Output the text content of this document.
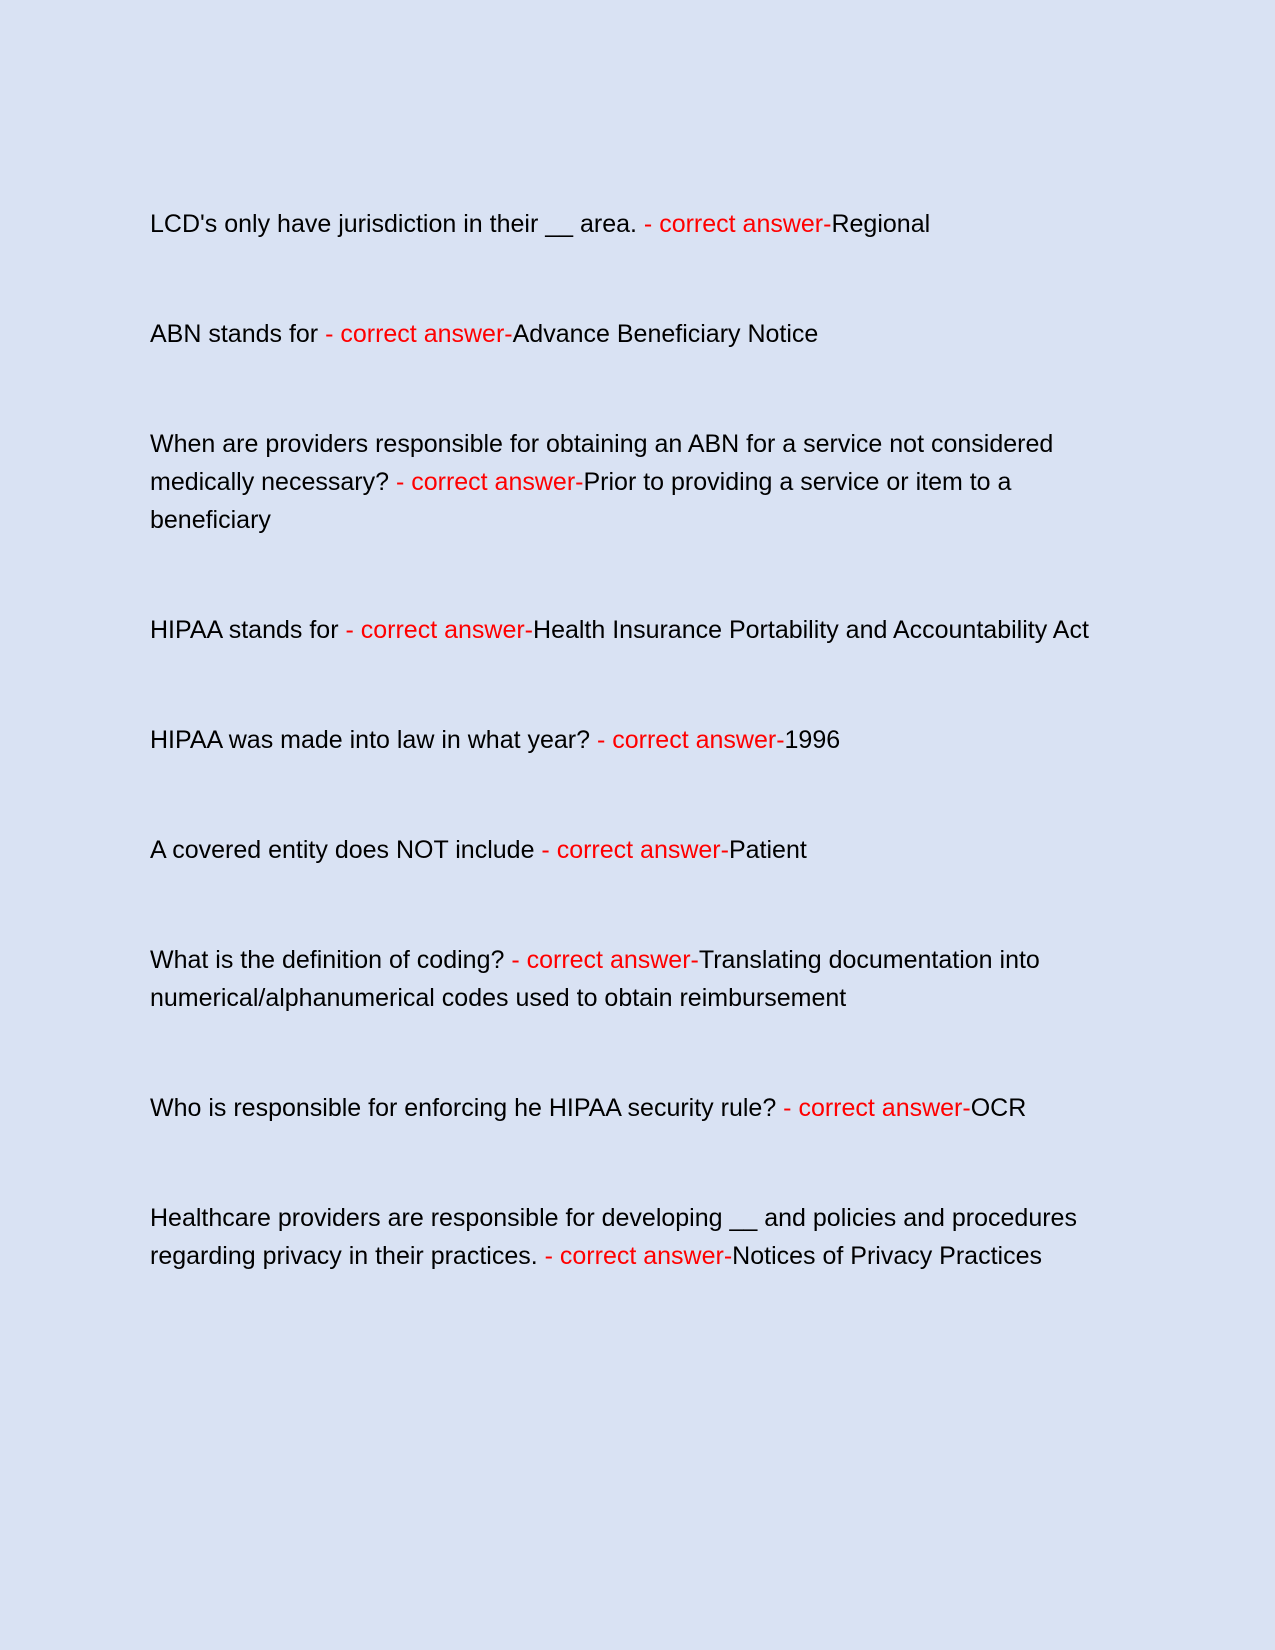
LCD's only have jurisdiction in their __ area. - correct answer-Regional

ABN stands for - correct answer-Advance Beneficiary Notice

When are providers responsible for obtaining an ABN for a service not considered medically necessary? - correct answer-Prior to providing a service or item to a beneficiary

HIPAA stands for - correct answer-Health Insurance Portability and Accountability Act

HIPAA was made into law in what year? - correct answer-1996

A covered entity does NOT include - correct answer-Patient

What is the definition of coding? - correct answer-Translating documentation into numerical/alphanumerical codes used to obtain reimbursement

Who is responsible for enforcing he HIPAA security rule? - correct answer-OCR

Healthcare providers are responsible for developing __ and policies and procedures regarding privacy in their practices. - correct answer-Notices of Privacy Practices
